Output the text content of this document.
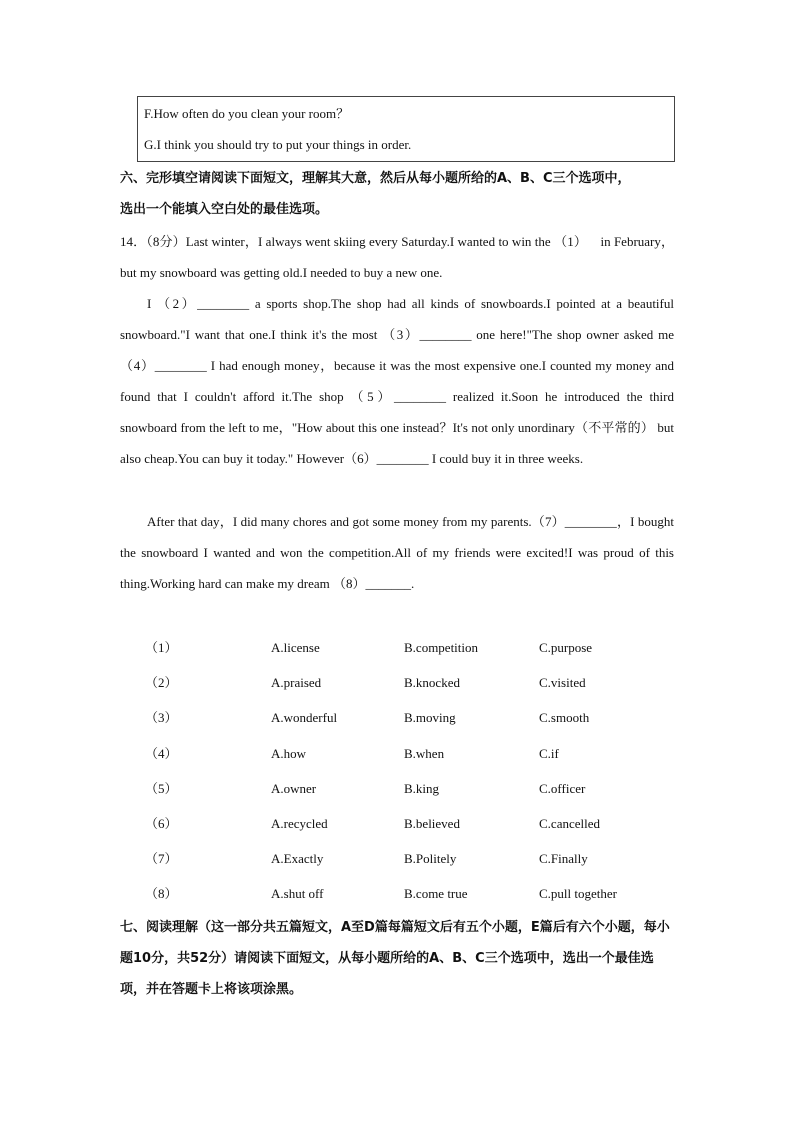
F.How often do you clean your room？
G.I think you should try to put your things in order.
六、完形填空请阅读下面短文，理解其大意，然后从每小题所给的A、B、C三个选项中，
选出一个能填入空白处的最佳选项。
14．（8分）Last winter，I always went skiing every Saturday.I wanted to win the （1）    in February，but my snowboard was getting old.I needed to buy a new one.
I （2）________ a sports shop.The shop had all kinds of snowboards.I pointed at a beautiful snowboard."I want that one.I think it's the most （3）________ one here!"The shop owner asked me （4）________ I had enough money，because it was the most expensive one.I counted my money and found that I couldn't afford it.The shop （5）________ realized it.Soon he introduced the third snowboard from the left to me，"How about this one instead？It's not only unordinary（不平常的） but also cheap.You can buy it today." However（6）________ I could buy it in three weeks.
After that day，I did many chores and got some money from my parents.（7）________，I bought the snowboard I wanted and won the competition.All of my friends were excited!I was proud of this thing.Working hard can make my dream （8）_______.
（1）	A.license	B.competition	C.purpose
（2）	A.praised	B.knocked	C.visited
（3）	A.wonderful	B.moving	C.smooth
（4）	A.how	B.when	C.if
（5）	A.owner	B.king	C.officer
（6）	A.recycled	B.believed	C.cancelled
（7）	A.Exactly	B.Politely	C.Finally
（8）	A.shut off	B.come true	C.pull together
七、阅读理解（这一部分共五篇短文，A至D篇每篇短文后有五个小题，E篇后有六个小题，每小题10分，共52分）请阅读下面短文，从每小题所给的A、B、C三个选项中，选出一个最佳选项，并在答题卡上将该项涂黑。
